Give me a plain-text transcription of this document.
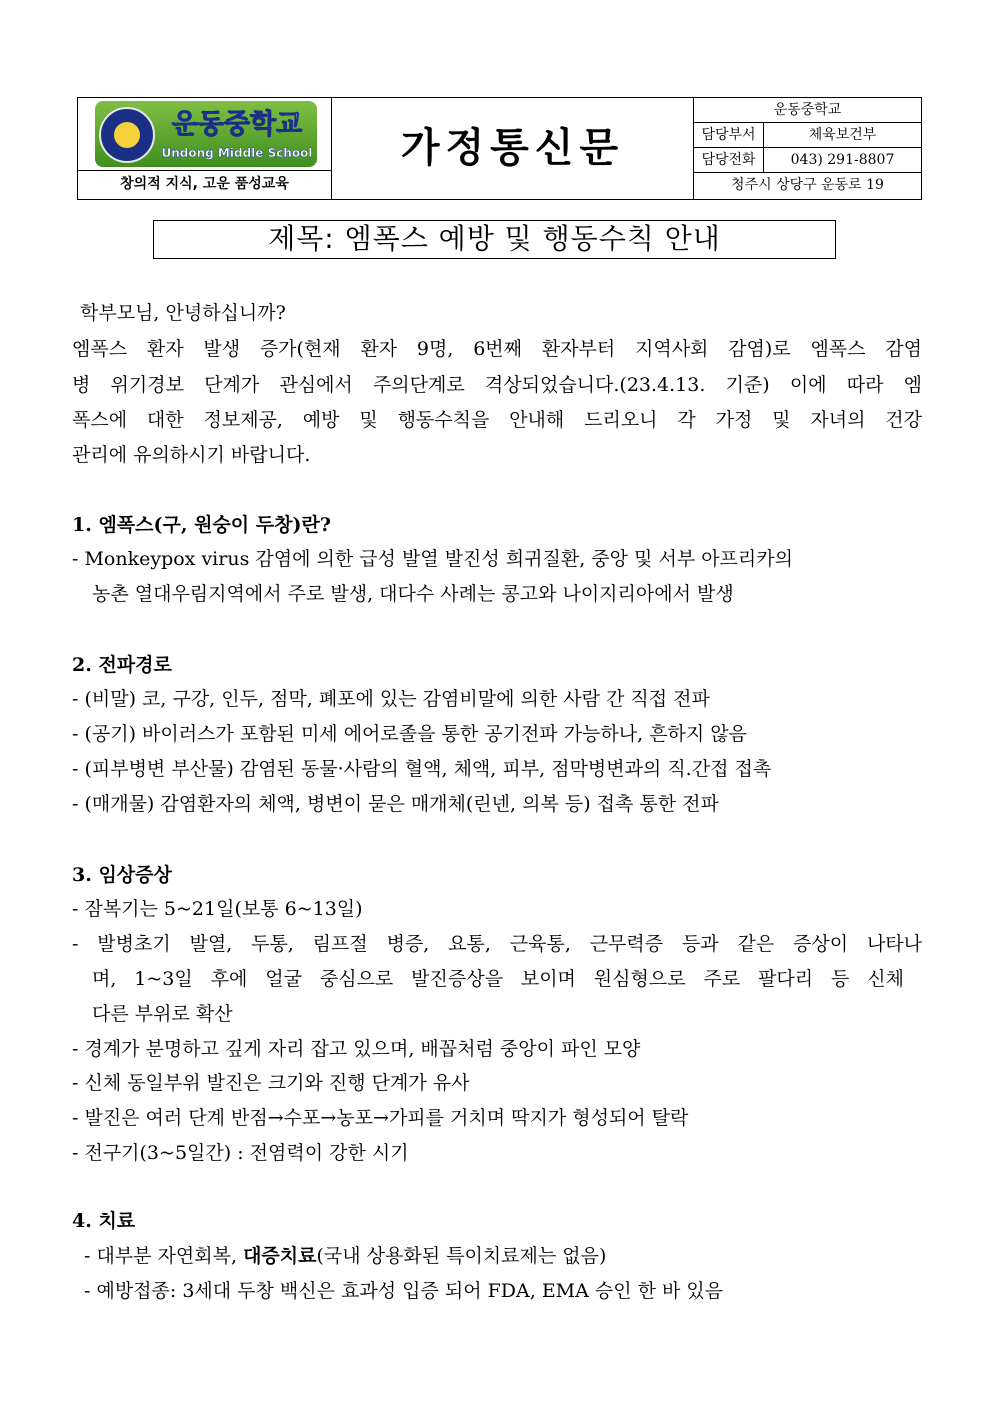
운동중학교
Undong Middle School
창의적 지식, 고운 품성교육
가정통신문
운동중학교
담당부서	체육보건부
담당전화	043) 291-8807
청주시 상당구 운동로 19
제목: 엠폭스 예방 및 행동수칙 안내
학부모님, 안녕하십니까?
엠폭스 환자 발생 증가(현재 환자 9명, 6번째 환자부터 지역사회 감염)로 엠폭스 감염
병 위기경보 단계가 관심에서 주의단계로 격상되었습니다.(23.4.13. 기준) 이에 따라 엠
폭스에 대한 정보제공, 예방 및 행동수칙을 안내해 드리오니 각 가정 및 자녀의 건강
관리에 유의하시기 바랍니다.
1. 엠폭스(구, 원숭이 두창)란?
- Monkeypox virus 감염에 의한 급성 발열 발진성 희귀질환, 중앙 및 서부 아프리카의
농촌 열대우림지역에서 주로 발생, 대다수 사례는 콩고와 나이지리아에서 발생
2. 전파경로
- (비말) 코, 구강, 인두, 점막, 폐포에 있는 감염비말에 의한 사람 간 직접 전파
- (공기) 바이러스가 포함된 미세 에어로졸을 통한 공기전파 가능하나, 흔하지 않음
- (피부병변 부산물) 감염된 동물·사람의 혈액, 체액, 피부, 점막병변과의 직.간접 접촉
- (매개물) 감염환자의 체액, 병변이 묻은 매개체(린넨, 의복 등) 접촉 통한 전파
3. 임상증상
- 잠복기는 5~21일(보통 6~13일)
- 발병초기 발열, 두통, 림프절 병증, 요통, 근육통, 근무력증 등과 같은 증상이 나타나
며, 1~3일 후에 얼굴 중심으로 발진증상을 보이며 원심형으로 주로 팔다리 등 신체
다른 부위로 확산
- 경계가 분명하고 깊게 자리 잡고 있으며, 배꼽처럼 중앙이 파인 모양
- 신체 동일부위 발진은 크기와 진행 단계가 유사
- 발진은 여러 단계 반점→수포→농포→가피를 거치며 딱지가 형성되어 탈락
- 전구기(3~5일간) : 전염력이 강한 시기
4. 치료
- 대부분 자연회복, 대증치료(국내 상용화된 특이치료제는 없음)
- 예방접종: 3세대 두창 백신은 효과성 입증 되어 FDA, EMA 승인 한 바 있음
